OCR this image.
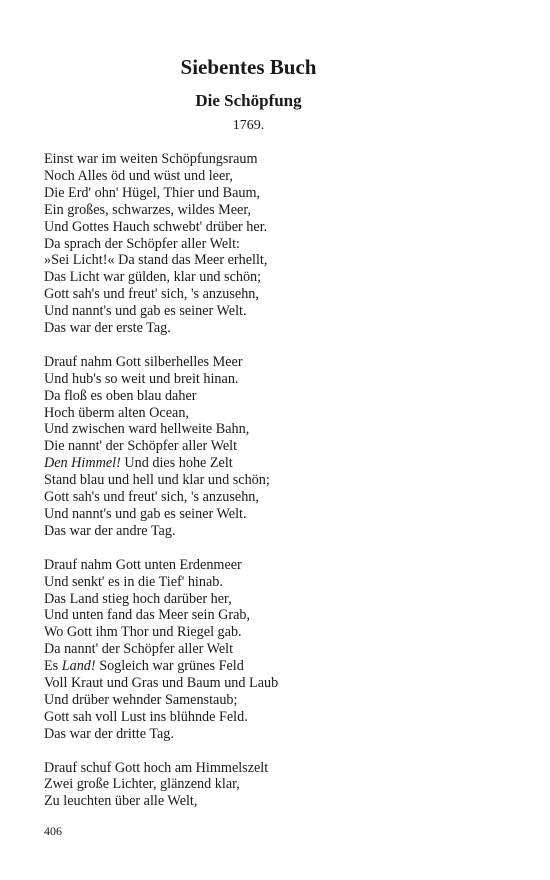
Siebentes Buch
Die Schöpfung
1769.
Einst war im weiten Schöpfungsraum
Noch Alles öd und wüst und leer,
Die Erd' ohn' Hügel, Thier und Baum,
Ein großes, schwarzes, wildes Meer,
Und Gottes Hauch schwebt' drüber her.
Da sprach der Schöpfer aller Welt:
»Sei Licht!« Da stand das Meer erhellt,
Das Licht war gülden, klar und schön;
Gott sah's und freut' sich, 's anzusehn,
Und nannt's und gab es seiner Welt.
Das war der erste Tag.
Drauf nahm Gott silberhelles Meer
Und hub's so weit und breit hinan.
Da floß es oben blau daher
Hoch überm alten Ocean,
Und zwischen ward hellweite Bahn,
Die nannt' der Schöpfer aller Welt
Den Himmel! Und dies hohe Zelt
Stand blau und hell und klar und schön;
Gott sah's und freut' sich, 's anzusehn,
Und nannt's und gab es seiner Welt.
Das war der andre Tag.
Drauf nahm Gott unten Erdenmeer
Und senkt' es in die Tief' hinab.
Das Land stieg hoch darüber her,
Und unten fand das Meer sein Grab,
Wo Gott ihm Thor und Riegel gab.
Da nannt' der Schöpfer aller Welt
Es Land! Sogleich war grünes Feld
Voll Kraut und Gras und Baum und Laub
Und drüber wehnder Samenstaub;
Gott sah voll Lust ins blühnde Feld.
Das war der dritte Tag.
Drauf schuf Gott hoch am Himmelszelt
Zwei große Lichter, glänzend klar,
Zu leuchten über alle Welt,
406
